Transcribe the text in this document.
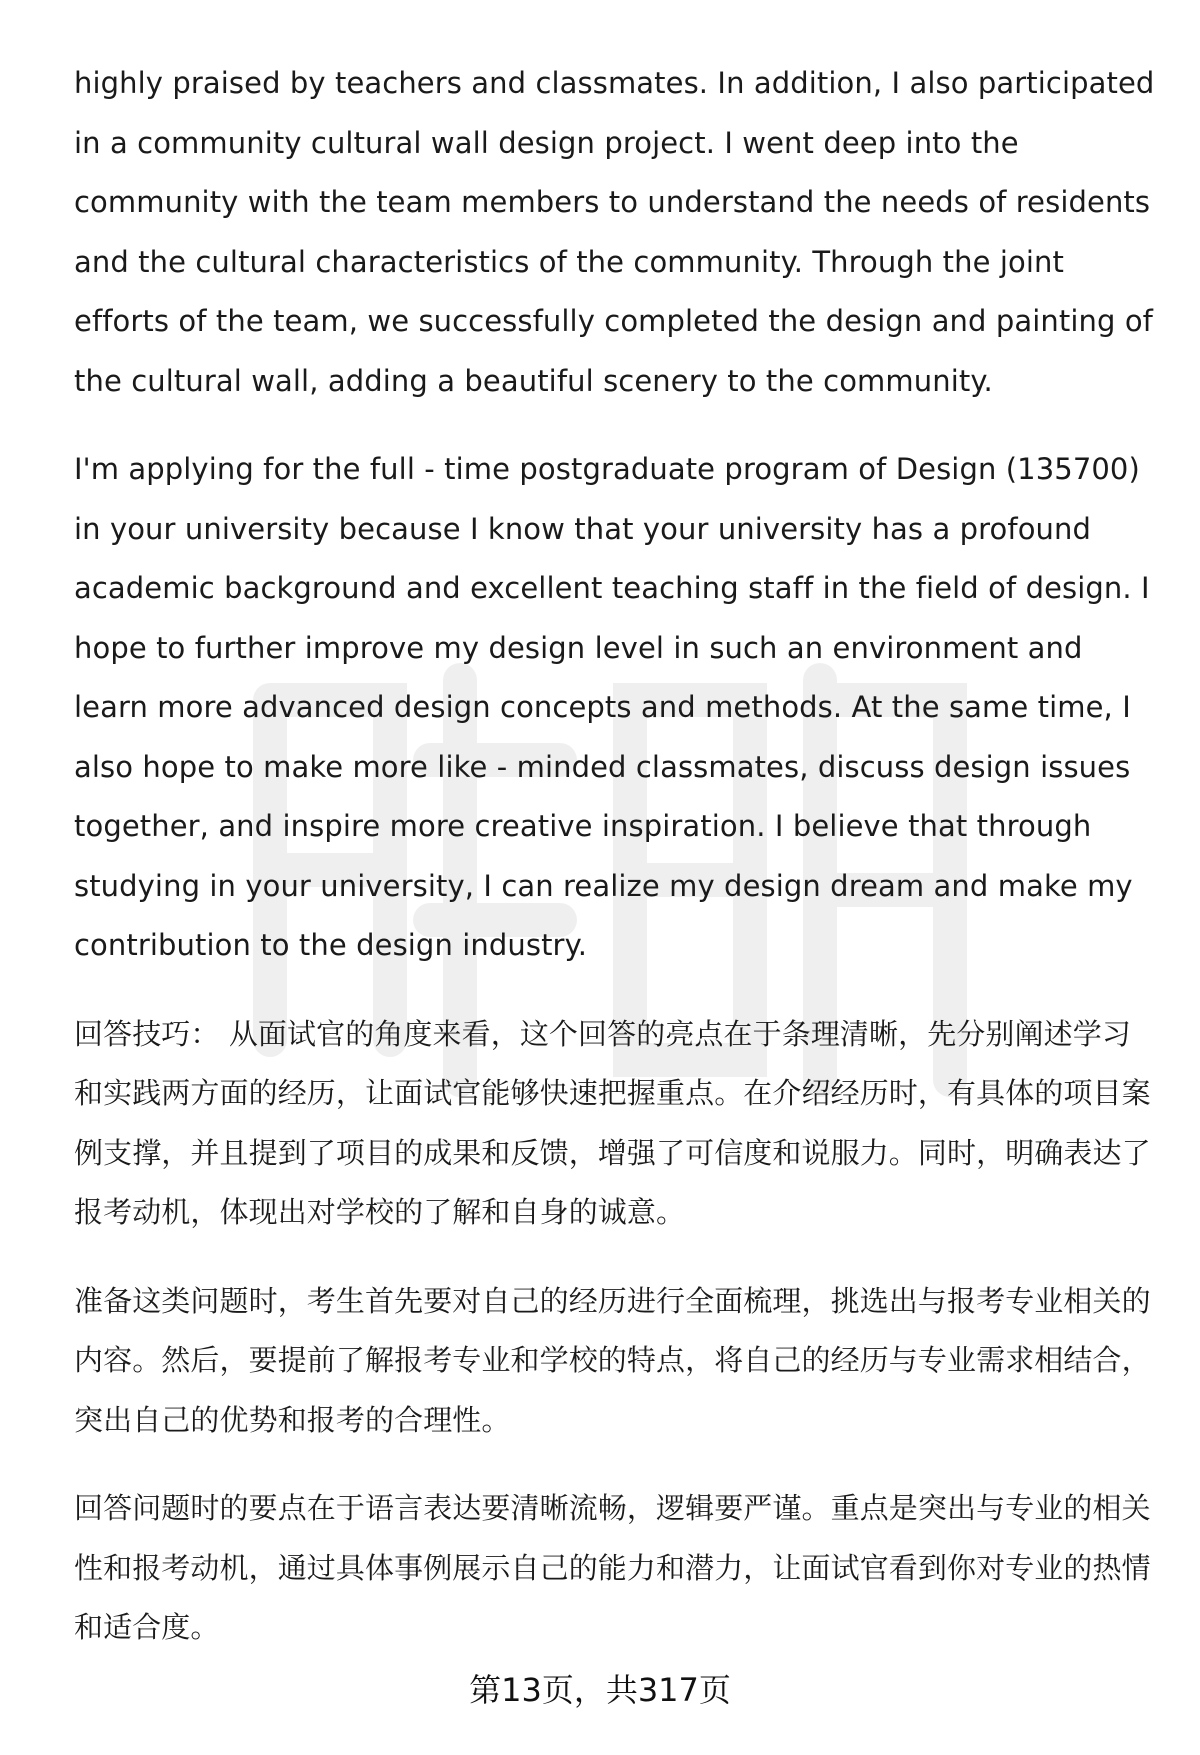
highly praised by teachers and classmates. In addition, I also participated in a community cultural wall design project. I went deep into the community with the team members to understand the needs of residents and the cultural characteristics of the community. Through the joint efforts of the team, we successfully completed the design and painting of the cultural wall, adding a beautiful scenery to the community.

I'm applying for the full - time postgraduate program of Design (135700) in your university because I know that your university has a profound academic background and excellent teaching staff in the field of design. I hope to further improve my design level in such an environment and learn more advanced design concepts and methods. At the same time, I also hope to make more like - minded classmates, discuss design issues together, and inspire more creative inspiration. I believe that through studying in your university, I can realize my design dream and make my contribution to the design industry.

回答技巧： 从面试官的角度来看，这个回答的亮点在于条理清晰，先分别阐述学习和实践两方面的经历，让面试官能够快速把握重点。在介绍经历时，有具体的项目案例支撑，并且提到了项目的成果和反馈，增强了可信度和说服力。同时，明确表达了报考动机，体现出对学校的了解和自身的诚意。

准备这类问题时，考生首先要对自己的经历进行全面梳理，挑选出与报考专业相关的内容。然后，要提前了解报考专业和学校的特点，将自己的经历与专业需求相结合，突出自己的优势和报考的合理性。

回答问题时的要点在于语言表达要清晰流畅，逻辑要严谨。重点是突出与专业的相关性和报考动机，通过具体事例展示自己的能力和潜力，让面试官看到你对专业的热情和适合度。

第13页，共317页
